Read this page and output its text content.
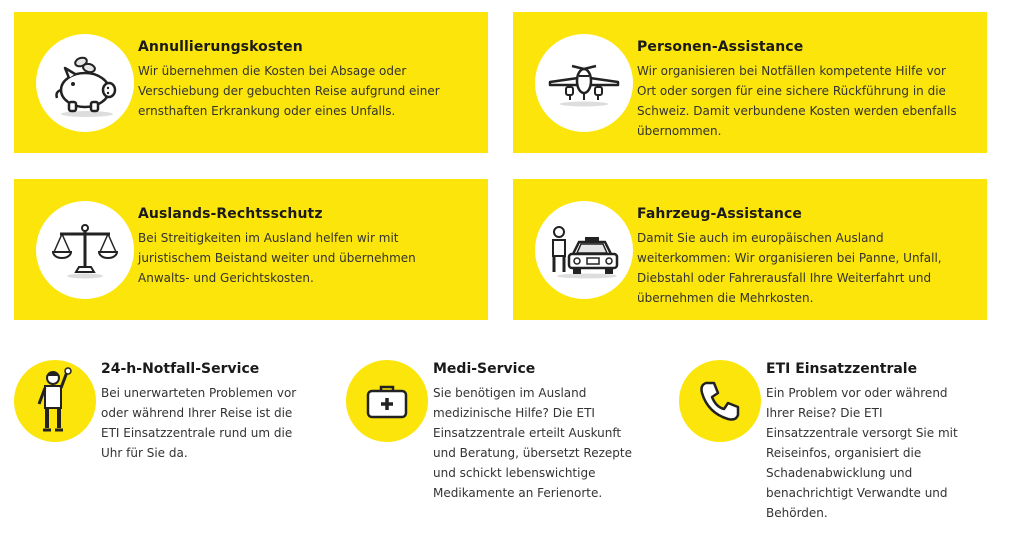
Annullierungskosten
Wir übernehmen die Kosten bei Absage oder
Verschiebung der gebuchten Reise aufgrund einer
ernsthaften Erkrankung oder eines Unfalls.
Personen-Assistance
Wir organisieren bei Notfällen kompetente Hilfe vor
Ort oder sorgen für eine sichere Rückführung in die
Schweiz. Damit verbundene Kosten werden ebenfalls
übernommen.
Auslands-Rechtsschutz
Bei Streitigkeiten im Ausland helfen wir mit
juristischem Beistand weiter und übernehmen
Anwalts- und Gerichtskosten.
Fahrzeug-Assistance
Damit Sie auch im europäischen Ausland
weiterkommen: Wir organisieren bei Panne, Unfall,
Diebstahl oder Fahrerausfall Ihre Weiterfahrt und
übernehmen die Mehrkosten.
24-h-Notfall-Service
Bei unerwarteten Problemen vor
oder während Ihrer Reise ist die
ETI Einsatzzentrale rund um die
Uhr für Sie da.
Medi-Service
Sie benötigen im Ausland
medizinische Hilfe? Die ETI
Einsatzzentrale erteilt Auskunft
und Beratung, übersetzt Rezepte
und schickt lebenswichtige
Medikamente an Ferienorte.
ETI Einsatzzentrale
Ein Problem vor oder während
Ihrer Reise? Die ETI
Einsatzzentrale versorgt Sie mit
Reiseinfos, organisiert die
Schadenabwicklung und
benachrichtigt Verwandte und
Behörden.
